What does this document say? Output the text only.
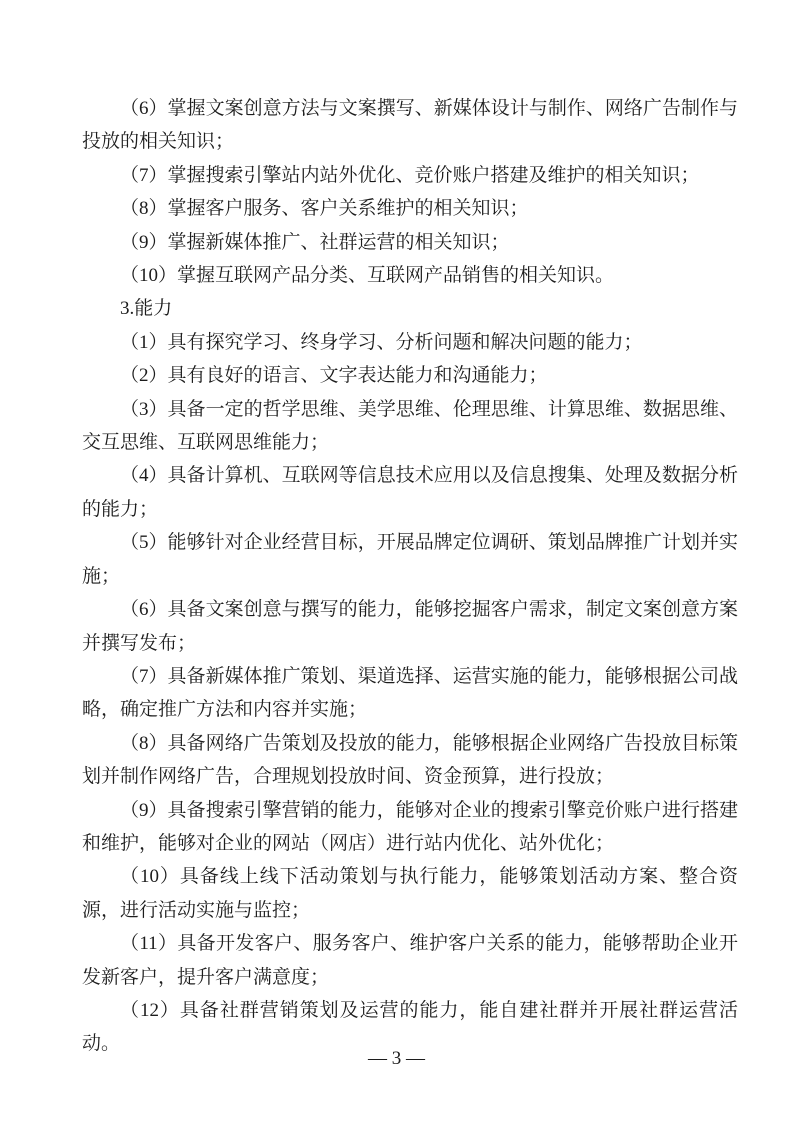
（6）掌握文案创意方法与文案撰写、新媒体设计与制作、网络广告制作与投放的相关知识；

（7）掌握搜索引擎站内站外优化、竞价账户搭建及维护的相关知识；

（8）掌握客户服务、客户关系维护的相关知识；

（9）掌握新媒体推广、社群运营的相关知识；

（10）掌握互联网产品分类、互联网产品销售的相关知识。

3.能力

（1）具有探究学习、终身学习、分析问题和解决问题的能力；

（2）具有良好的语言、文字表达能力和沟通能力；

（3）具备一定的哲学思维、美学思维、伦理思维、计算思维、数据思维、交互思维、互联网思维能力；

（4）具备计算机、互联网等信息技术应用以及信息搜集、处理及数据分析的能力；

（5）能够针对企业经营目标，开展品牌定位调研、策划品牌推广计划并实施；

（6）具备文案创意与撰写的能力，能够挖掘客户需求，制定文案创意方案并撰写发布；

（7）具备新媒体推广策划、渠道选择、运营实施的能力，能够根据公司战略，确定推广方法和内容并实施；

（8）具备网络广告策划及投放的能力，能够根据企业网络广告投放目标策划并制作网络广告，合理规划投放时间、资金预算，进行投放；

（9）具备搜索引擎营销的能力，能够对企业的搜索引擎竞价账户进行搭建和维护，能够对企业的网站（网店）进行站内优化、站外优化；

（10）具备线上线下活动策划与执行能力，能够策划活动方案、整合资源，进行活动实施与监控；

（11）具备开发客户、服务客户、维护客户关系的能力，能够帮助企业开发新客户，提升客户满意度；

（12）具备社群营销策划及运营的能力，能自建社群并开展社群运营活动。

— 3 —
